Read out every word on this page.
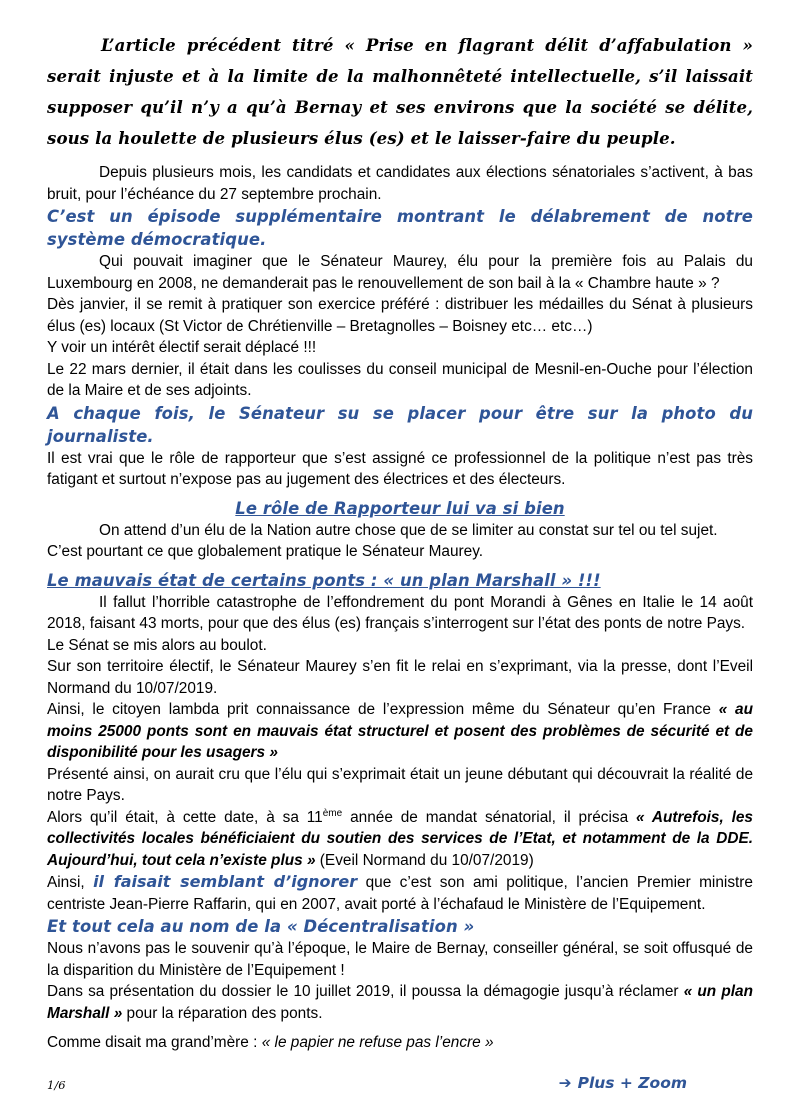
L’article précédent titré « Prise en flagrant délit d’affabulation » serait injuste et à la limite de la malhonnêteté intellectuelle, s’il laissait supposer qu’il n’y a qu’à Bernay et ses environs que la société se délite, sous la houlette de plusieurs élus (es) et le laisser-faire du peuple.

Depuis plusieurs mois, les candidats et candidates aux élections sénatoriales s’activent, à bas bruit, pour l’échéance du 27 septembre prochain.

C’est un épisode supplémentaire montrant le délabrement de notre système démocratique.

Qui pouvait imaginer que le Sénateur Maurey, élu pour la première fois au Palais du Luxembourg en 2008, ne demanderait pas le renouvellement de son bail à la « Chambre haute » ?

Dès janvier, il se remit à pratiquer son exercice préféré : distribuer les médailles du Sénat à plusieurs élus (es) locaux (St Victor de Chrétienville – Bretagnolles – Boisney etc… etc…)

Y voir un intérêt électif serait déplacé !!!

Le 22 mars dernier, il était dans les coulisses du conseil municipal de Mesnil-en-Ouche pour l’élection de la Maire et de ses adjoints.

A chaque fois, le Sénateur su se placer pour être sur la photo du journaliste.

Il est vrai que le rôle de rapporteur que s’est assigné ce professionnel de la politique n’est pas très fatigant et surtout n’expose pas au jugement des électrices et des électeurs.

Le rôle de Rapporteur lui va si bien

On attend d’un élu de la Nation autre chose que de se limiter au constat sur tel ou tel sujet.

C’est pourtant ce que globalement pratique le Sénateur Maurey.

Le mauvais état de certains ponts : « un plan Marshall » !!!

Il fallut l’horrible catastrophe de l’effondrement du pont Morandi à Gênes en Italie le 14 août 2018, faisant 43 morts, pour que des élus (es) français s’interrogent sur l’état des ponts de notre Pays.

Le Sénat se mis alors au boulot.

Sur son territoire électif, le Sénateur Maurey s’en fit le relai en s’exprimant, via la presse, dont l’Eveil Normand du 10/07/2019.

Ainsi, le citoyen lambda prit connaissance de l’expression même du Sénateur qu’en France « au moins 25000 ponts sont en mauvais état structurel et posent des problèmes de sécurité et de disponibilité pour les usagers »

Présenté ainsi, on aurait cru que l’élu qui s’exprimait était un jeune débutant qui découvrait la réalité de notre Pays.

Alors qu’il était, à cette date, à sa 11ème année de mandat sénatorial, il précisa « Autrefois, les collectivités locales bénéficiaient du soutien des services de l’Etat, et notamment de la DDE. Aujourd’hui, tout cela n’existe plus » (Eveil Normand du 10/07/2019)

Ainsi, il faisait semblant d’ignorer que c’est son ami politique, l’ancien Premier ministre centriste Jean-Pierre Raffarin, qui en 2007, avait porté à l’échafaud le Ministère de l’Equipement.

Et tout cela au nom de la « Décentralisation »

Nous n’avons pas le souvenir qu’à l’époque, le Maire de Bernay, conseiller général, se soit offusqué de la disparition du Ministère de l’Equipement !

Dans sa présentation du dossier le 10 juillet 2019, il poussa la démagogie jusqu’à réclamer « un plan Marshall » pour la réparation des ponts.

Comme disait ma grand’mère : « le papier ne refuse pas l’encre »

1/6	➔ Plus + Zoom
